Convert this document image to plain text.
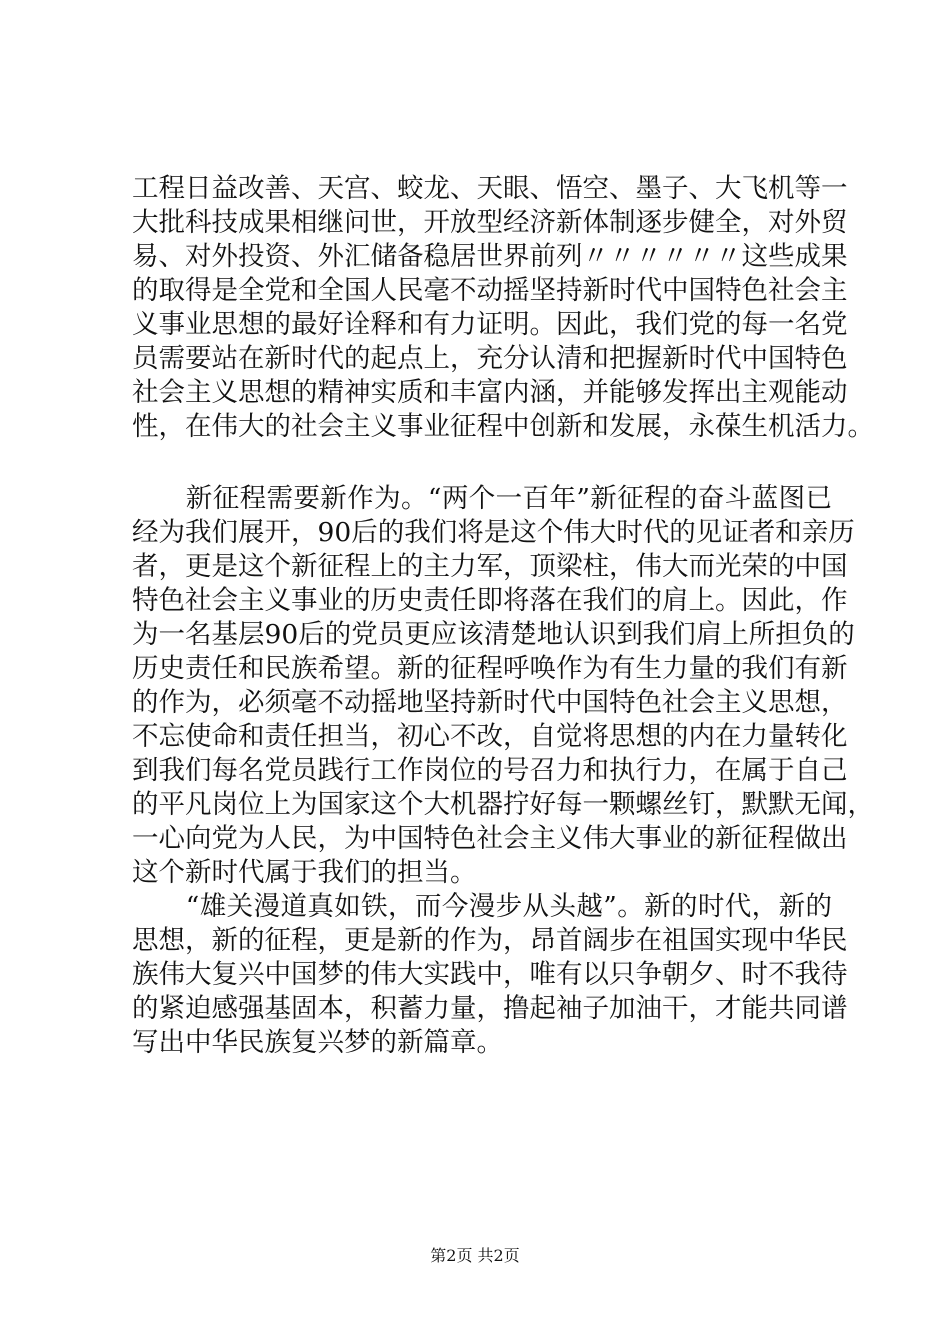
工程日益改善、天宫、蛟龙、天眼、悟空、墨子、大飞机等一
大批科技成果相继问世，开放型经济新体制逐步健全，对外贸
易、对外投资、外汇储备稳居世界前列〃〃〃〃〃〃这些成果
的取得是全党和全国人民毫不动摇坚持新时代中国特色社会主
义事业思想的最好诠释和有力证明。因此，我们党的每一名党
员需要站在新时代的起点上，充分认清和把握新时代中国特色
社会主义思想的精神实质和丰富内涵，并能够发挥出主观能动
性，在伟大的社会主义事业征程中创新和发展，永葆生机活力。
　　新征程需要新作为。“两个一百年”新征程的奋斗蓝图已
经为我们展开，90后的我们将是这个伟大时代的见证者和亲历
者，更是这个新征程上的主力军，顶梁柱，伟大而光荣的中国
特色社会主义事业的历史责任即将落在我们的肩上。因此，作
为一名基层90后的党员更应该清楚地认识到我们肩上所担负的
历史责任和民族希望。新的征程呼唤作为有生力量的我们有新
的作为，必须毫不动摇地坚持新时代中国特色社会主义思想，
不忘使命和责任担当，初心不改，自觉将思想的内在力量转化
到我们每名党员践行工作岗位的号召力和执行力，在属于自己
的平凡岗位上为国家这个大机器拧好每一颗螺丝钉，默默无闻，
一心向党为人民，为中国特色社会主义伟大事业的新征程做出
这个新时代属于我们的担当。
　　“雄关漫道真如铁，而今漫步从头越”。新的时代，新的
思想，新的征程，更是新的作为，昂首阔步在祖国实现中华民
族伟大复兴中国梦的伟大实践中，唯有以只争朝夕、时不我待
的紧迫感强基固本，积蓄力量，撸起袖子加油干，才能共同谱
写出中华民族复兴梦的新篇章。
第2页 共2页
